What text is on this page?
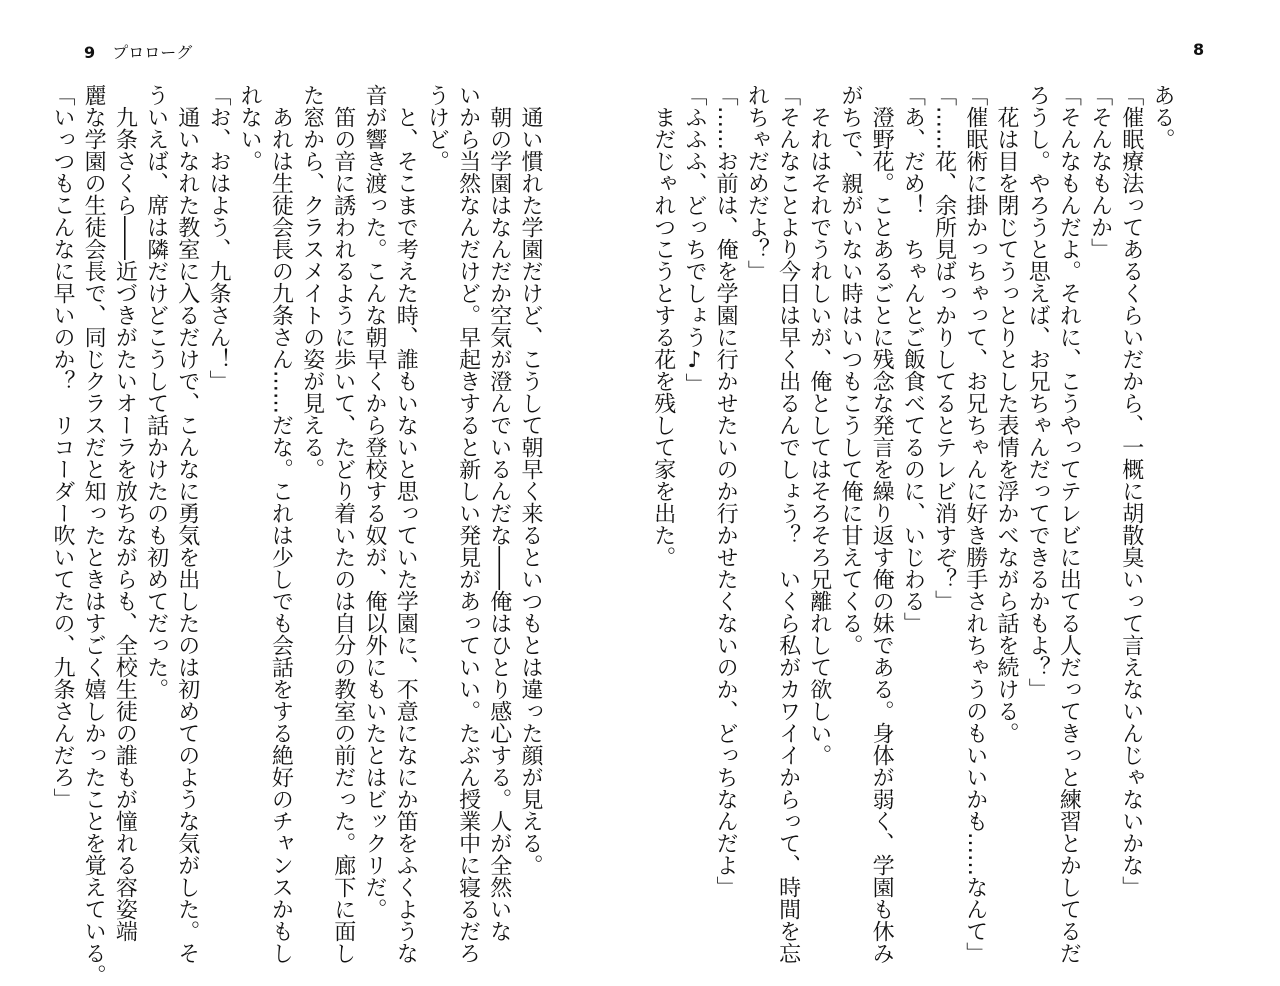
9 プロローグ
　通い慣れた学園だけど、こうして朝早く来るといつもとは違った顔が見える。
　朝の学園はなんだか空気が澄んでいるんだな――俺はひとり感心する。人が全然いな
いから当然なんだけど。早起きすると新しい発見があっていい。たぶん授業中に寝るだろ
うけど。
　と、そこまで考えた時、誰もいないと思っていた学園に、不意になにか笛をふくような
音が響き渡った。こんな朝早くから登校する奴が、俺以外にもいたとはビックリだ。
　笛の音に誘われるように歩いて、たどり着いたのは自分の教室の前だった。廊下に面し
た窓から、クラスメイトの姿が見える。
　あれは生徒会長の九条さん……だな。これは少しでも会話をする絶好のチャンスかもし
れない。
「お、おはよう、九条さん！」
　通いなれた教室に入るだけで、こんなに勇気を出したのは初めてのような気がした。そ
ういえば、席は隣だけどこうして話かけたのも初めてだった。
　九条さくら――近づきがたいオーラを放ちながらも、全校生徒の誰もが憧れる容姿端
麗な学園の生徒会長で、同じクラスだと知ったときはすごく嬉しかったことを覚えている。
「いっつもこんなに早いのか？　リコーダー吹いてたの、九条さんだろ」
8
ある。
「催眠療法ってあるくらいだから、一概に胡散臭いって言えないんじゃないかな」
「そんなもんか」
「そんなもんだよ。それに、こうやってテレビに出てる人だってきっと練習とかしてるだ
ろうし。やろうと思えば、お兄ちゃんだってできるかもよ？」
　花は目を閉じてうっとりとした表情を浮かべながら話を続ける。
「催眠術に掛かっちゃって、お兄ちゃんに好き勝手されちゃうのもいいかも……なんて」
「……花、余所見ばっかりしてるとテレビ消すぞ？」
「あ、だめ！　ちゃんとご飯食べてるのに、いじわる」
　澄野花。ことあるごとに残念な発言を繰り返す俺の妹である。身体が弱く、学園も休み
がちで、親がいない時はいつもこうして俺に甘えてくる。
　それはそれでうれしいが、俺としてはそろそろ兄離れして欲しい。
「そんなことより今日は早く出るんでしょう？　いくら私がカワイイからって、時間を忘
れちゃだめだよ？」
「……お前は、俺を学園に行かせたいのか行かせたくないのか、どっちなんだよ」
「ふふふ、どっちでしょう♪」
　まだじゃれつこうとする花を残して家を出た。
